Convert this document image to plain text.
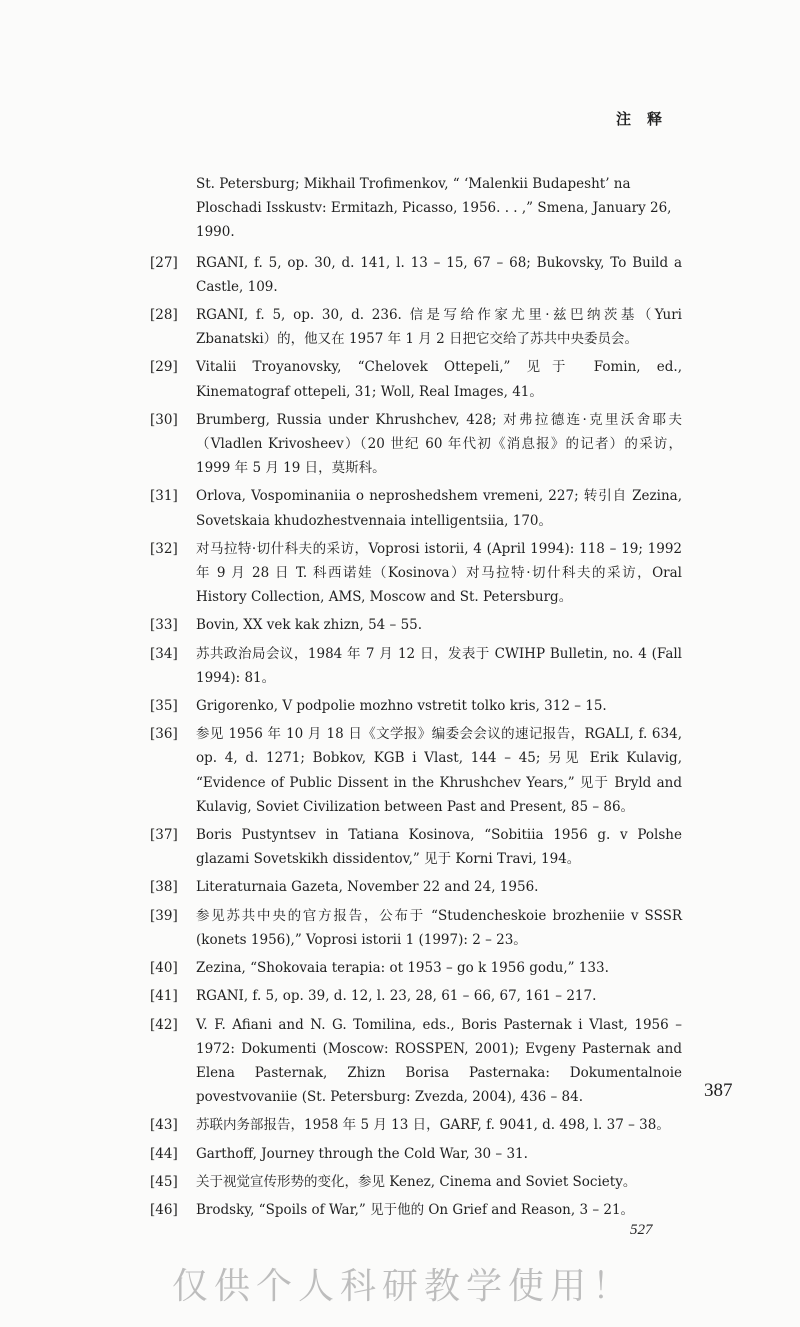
注释
St. Petersburg; Mikhail Trofimenkov, “ ‘Malenkii Budapesht’ na Ploschadi Isskustv: Ermitazh, Picasso, 1956. . . ,” Smena, January 26, 1990.
[27]	RGANI, f. 5, op. 30, d. 141, l. 13 – 15, 67 – 68; Bukovsky, To Build a Castle, 109.
[28]	RGANI, f. 5, op. 30, d. 236. 信是写给作家尤里·兹巴纳茨基（Yuri Zbanatski）的，他又在 1957 年 1 月 2 日把它交给了苏共中央委员会。
[29]	Vitalii Troyanovsky, “Chelovek Ottepeli,” 见于 Fomin, ed., Kinematograf ottepeli, 31; Woll, Real Images, 41。
[30]	Brumberg, Russia under Khrushchev, 428; 对弗拉德连·克里沃舍耶夫（Vladlen Krivosheev）（20 世纪 60 年代初《消息报》的记者）的采访，1999 年 5 月 19 日，莫斯科。
[31]	Orlova, Vospominaniia o neproshedshem vremeni, 227; 转引自 Zezina, Sovetskaia khudozhestvennaia intelligentsiia, 170。
[32]	对马拉特·切什科夫的采访，Voprosi istorii, 4 (April 1994): 118 – 19; 1992 年 9 月 28 日 T. 科西诺娃（Kosinova）对马拉特·切什科夫的采访，Oral History Collection, AMS, Moscow and St. Petersburg。
[33]	Bovin, XX vek kak zhizn, 54 – 55.
[34]	苏共政治局会议，1984 年 7 月 12 日，发表于 CWIHP Bulletin, no. 4 (Fall 1994): 81。
[35]	Grigorenko, V podpolie mozhno vstretit tolko kris, 312 – 15.
[36]	参见 1956 年 10 月 18 日《文学报》编委会会议的速记报告，RGALI, f. 634, op. 4, d. 1271; Bobkov, KGB i Vlast, 144 – 45; 另见 Erik Kulavig, “Evidence of Public Dissent in the Khrushchev Years,” 见于 Bryld and Kulavig, Soviet Civilization between Past and Present, 85 – 86。
[37]	Boris Pustyntsev in Tatiana Kosinova, “Sobitiia 1956 g. v Polshe glazami Sovetskikh dissidentov,” 见于 Korni Travi, 194。
[38]	Literaturnaia Gazeta, November 22 and 24, 1956.
[39]	参见苏共中央的官方报告，公布于 “Studencheskoie brozheniie v SSSR (konets 1956),” Voprosi istorii 1 (1997): 2 – 23。
[40]	Zezina, “Shokovaia terapia: ot 1953 – go k 1956 godu,” 133.
[41]	RGANI, f. 5, op. 39, d. 12, l. 23, 28, 61 – 66, 67, 161 – 217.
[42]	V. F. Afiani and N. G. Tomilina, eds., Boris Pasternak i Vlast, 1956 – 1972: Dokumenti (Moscow: ROSSPEN, 2001); Evgeny Pasternak and Elena Pasternak, Zhizn Borisa Pasternaka: Dokumentalnoie povestvovaniie (St. Petersburg: Zvezda, 2004), 436 – 84.
[43]	苏联内务部报告，1958 年 5 月 13 日，GARF, f. 9041, d. 498, l. 37 – 38。
[44]	Garthoff, Journey through the Cold War, 30 – 31.
[45]	关于视觉宣传形势的变化，参见 Kenez, Cinema and Soviet Society。
[46]	Brodsky, “Spoils of War,” 见于他的 On Grief and Reason, 3 – 21。
387
527
仅供个人科研教学使用！
